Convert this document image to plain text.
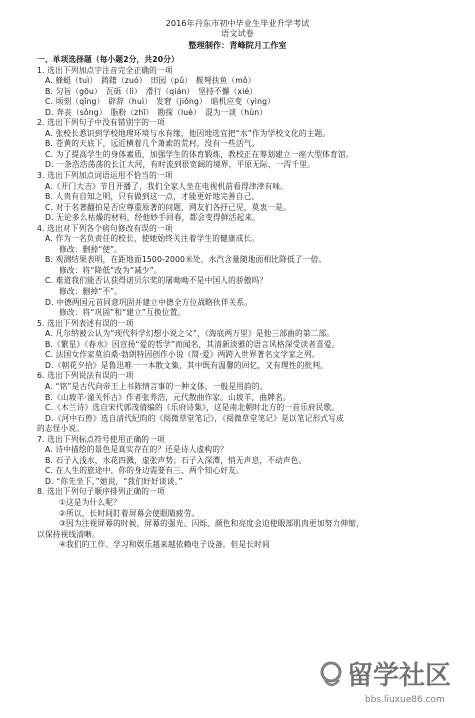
2016年丹东市初中毕业生毕业升学考试
语文试卷
整理制作：青峰院月工作室
一、单项选择题（每小题2分，共20分）
1. 选出下列加点字注音完全正确的一项
A. 蜂蜓（tuì）　踌躇（zuó）　田园（pǔ）　鞍弩扶鱼（mǒ）
B. 匀旨（gōu）　瓦砾（lì）　滑行（qián）　坚持不懈（xié）
C. 顷刻（qǐng）　辟辞（huì）　发窘（jiǒng）　暗机应变（yìng）
D. 奔丧（sǒng）　脂粉（zhī）　勘探（luè）　混为一谈（hùn）
2. 选出下列句子中没有错别字的一项
A. 张校长悉识到学校地理环境与水有缘，他因地选宜把“水”作为学校文化的主题。
B. 苍黄的天底下，远近横着几个萧索的荒村，没有一些活气。
C. 为了提高学生的身体素质，加强学生的体育锻炼，教校正在筹划建立一座大型体育馆。
D. 一条浩浩荡荡的长江大河，有时流到很宽阔的境界，平原无际，一泻千里。
3. 选出下列加点词语运用不恰当的一项
A.《开门大吉》节目开播了，我们全家人坐在电视机前看得津津有味。
B. 人贵有自知之明，只有做到这一点，才能更好地完善自己。
C. 对于名著翻拍是否应尊重原著的问题，网友们各抒己见，莫衷一是。
D. 无论多么枯燥的材料，经他妙手回春，都会变得鲜活起来。
4. 选出对下列各个病句修改有误的一项
A. 作为一名负责任的校长，使她始终关注着学生的健康成长。
修改：删掉“使”。
B. 观测结果表明，在距地面1500-2000米处，水汽含量随地面相比降低了一倍。
修改：将“降低”改为“减少”。
C. 难道我们能否认获得诺贝尔奖的屠呦呦不是中国人的骄傲吗？
修改：删掉“不”。
D. 中德两国元首同意巩固并建立中德全方位战略伙伴关系。
修改：将“巩固”和“建立”互换位置。
5. 选出下列表述有误的一项
A. 凡尔纳被公认为“现代科学幻想小说之父”，《海底两万里》是他三部曲的第二部。
B.《繁星》《春水》因宣扬“爱的哲学”而闻名，其清新淡雅的语言风格深受读者喜爱。
C. 法国女作家莫泊桑·勃朗特因创作小说《简·爱》两跨入世界著名文学家之列。
D.《朝花夕拾》是鲁迅唯一一本散文集，其中既有温馨的回忆，又有理性的批判。
6. 选出下列说法有误的一项
A. “铭”是古代向帝王上书陈情言事的一种文体，一般是用韵的。
B.《山坡羊·潼关怀古》作者张养浩，元代散曲作家。山坡羊，曲牌名。
C.《木兰诗》选自宋代郭茂倩编的《乐府诗集》，这是南北朝时北方的一首乐府民歌。
D.《河中石兽》选自清代纪昀的《阅微草堂笔记》，《阅微草堂笔记》是以笔记形式写成
的志怪小说。
7. 选出下列标点符号使用正确的一项
A. 诗中描绘的景色是真实存在的？还是诗人虚构的？
B. 石子入浅水，水花四溅，虚张声势；石子入深潭，悄无声息，不动声色。
C. 在人生的旅途中，你的身边需要有三、两个知心好友。
D. “你先坐下，”她说，“我们好好谈谈。”
8. 选出下列句子顺序排列正确的一项
①这是为什么呢？
②所以，长时间盯着屏幕会使眼睛疲劳。
③因为注视屏幕的时候，屏幕的强光、闪烁、颜色和亮度会迫使眼部肌肉更加努力伸缩，
以保持视线清晰。
④我们的工作、学习和娱乐越来越依赖电子设备。但是长时间
留学社区
bbs.liuxue86.com
